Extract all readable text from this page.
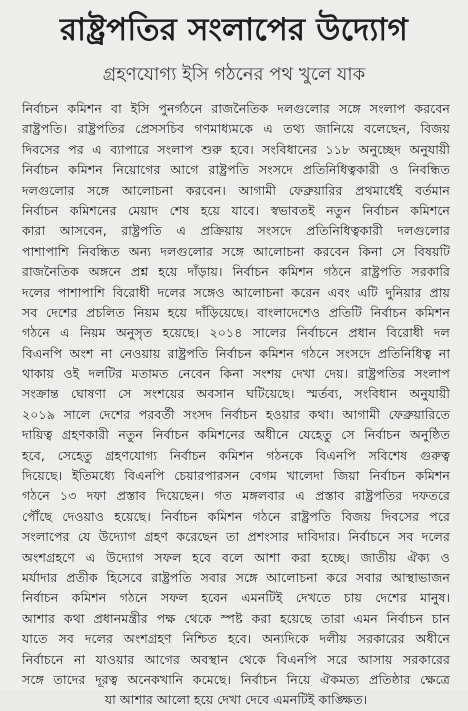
রাষ্ট্রপতির সংলাপের উদ্যোগ
গ্রহণযোগ্য ইসি গঠনের পথ খুলে যাক
নির্বাচন কমিশন বা ইসি পুনর্গঠনে রাজনৈতিক দলগুলোর সঙ্গে সংলাপ করবেন
রাষ্ট্রপতি। রাষ্ট্রপতির প্রেসসচিব গণমাধ্যমকে এ তথ্য জানিয়ে বলেছেন, বিজয়
দিবসের পর এ ব্যাপারে সংলাপ শুরু হবে। সংবিধানের ১১৮ অনুচ্ছেদ অনুযায়ী
নির্বাচন কমিশন নিয়োগের আগে রাষ্ট্রপতি সংসদে প্রতিনিধিত্বকারী ও নিবন্ধিত
দলগুলোর সঙ্গে আলোচনা করবেন। আগামী ফেব্রুয়ারির প্রথমার্ধেই বর্তমান
নির্বাচন কমিশনের মেয়াদ শেষ হয়ে যাবে। স্বভাবতই নতুন নির্বাচন কমিশনে
কারা আসবেন, রাষ্ট্রপতি এ প্রক্রিয়ায় সংসদে প্রতিনিধিত্বকারী দলগুলোর
পাশাপাশি নিবন্ধিত অন্য দলগুলোর সঙ্গে আলোচনা করবেন কিনা সে বিষয়টি
রাজনৈতিক অঙ্গনে প্রশ্ন হয়ে দাঁড়ায়। নির্বাচন কমিশন গঠনে রাষ্ট্রপতি সরকারি
দলের পাশাপাশি বিরোধী দলের সঙ্গেও আলোচনা করেন এবং এটি দুনিয়ার প্রায়
সব দেশের প্রচলিত নিয়ম হয়ে দাঁড়িয়েছে। বাংলাদেশেও প্রতিটি নির্বাচন কমিশন
গঠনে এ নিয়ম অনুসৃত হয়েছে। ২০১৪ সালের নির্বাচনে প্রধান বিরোধী দল
বিএনপি অংশ না নেওয়ায় রাষ্ট্রপতি নির্বাচন কমিশন গঠনে সংসদে প্রতিনিধিত্ব না
থাকায় ওই দলটির মতামত নেবেন কিনা সংশয় দেখা দেয়। রাষ্ট্রপতির সংলাপ
সংক্রান্ত ঘোষণা সে সংশয়ের অবসান ঘটিয়েছে। স্মর্তব্য, সংবিধান অনুযায়ী
২০১৯ সালে দেশের পরবর্তী সংসদ নির্বাচন হওয়ার কথা। আগামী ফেব্রুয়ারিতে
দায়িত্ব গ্রহণকারী নতুন নির্বাচন কমিশনের অধীনে যেহেতু সে নির্বাচন অনুষ্ঠিত
হবে, সেহেতু গ্রহণযোগ্য নির্বাচন কমিশন গঠনকে বিএনপি সবিশেষ গুরুত্ব
দিয়েছে। ইতিমধ্যে বিএনপি চেয়ারপারসন বেগম খালেদা জিয়া নির্বাচন কমিশন
গঠনে ১৩ দফা প্রস্তাব দিয়েছেন। গত মঙ্গলবার এ প্রস্তাব রাষ্ট্রপতির দফতরে
পৌঁছে দেওয়াও হয়েছে। নির্বাচন কমিশন গঠনে রাষ্ট্রপতি বিজয় দিবসের পরে
সংলাপের যে উদ্যোগ গ্রহণ করেছেন তা প্রশংসার দাবিদার। নির্বাচনে সব দলের
অংশগ্রহণে এ উদ্যোগ সফল হবে বলে আশা করা হচ্ছে। জাতীয় ঐক্য ও
মর্যাদার প্রতীক হিসেবে রাষ্ট্রপতি সবার সঙ্গে আলোচনা করে সবার আস্থাভাজন
নির্বাচন কমিশন গঠনে সফল হবেন এমনটিই দেখতে চায় দেশের মানুষ।
আশার কথা প্রধানমন্ত্রীর পক্ষ থেকে স্পষ্ট করা হয়েছে তারা এমন নির্বাচন চান
যাতে সব দলের অংশগ্রহণ নিশ্চিত হবে। অন্যদিকে দলীয় সরকারের অধীনে
নির্বাচনে না যাওয়ার আগের অবস্থান থেকে বিএনপি সরে আসায় সরকারের
সঙ্গে তাদের দূরত্ব অনেকখানি কমেছে। নির্বাচন নিয়ে ঐকমত্য প্রতিষ্ঠার ক্ষেত্রে
যা আশার আলো হয়ে দেখা দেবে এমনটিই কাঙ্ক্ষিত।
